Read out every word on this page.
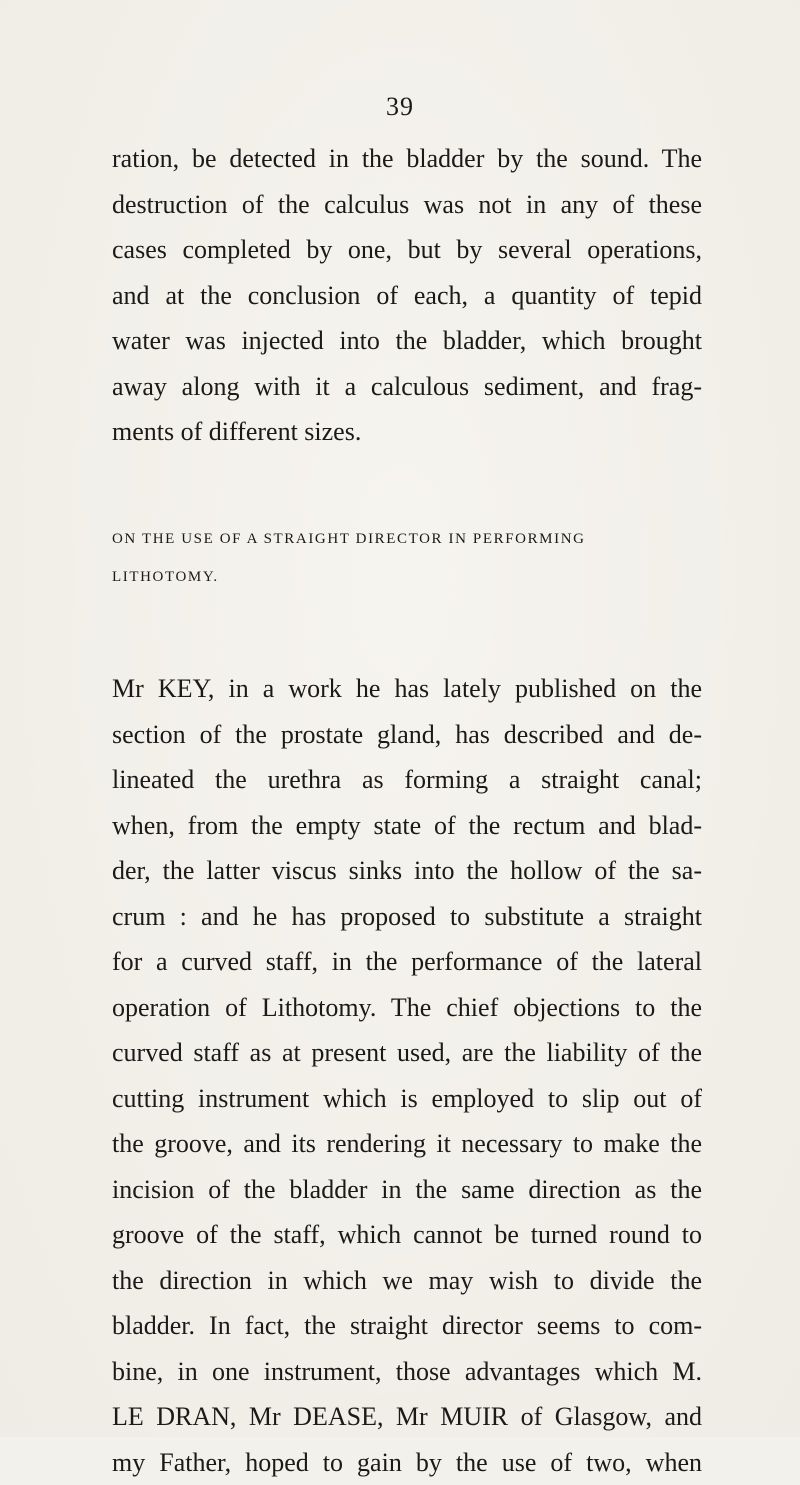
39
ration, be detected in the bladder by the sound. The
destruction of the calculus was not in any of these
cases completed by one, but by several operations,
and at the conclusion of each, a quantity of tepid
water was injected into the bladder, which brought
away along with it a calculous sediment, and frag-
ments of different sizes.
ON THE USE OF A STRAIGHT DIRECTOR IN PERFORMING
LITHOTOMY.
Mr KEY, in a work he has lately published on the
section of the prostate gland, has described and de-
lineated the urethra as forming a straight canal;
when, from the empty state of the rectum and blad-
der, the latter viscus sinks into the hollow of the sa-
crum : and he has proposed to substitute a straight
for a curved staff, in the performance of the lateral
operation of Lithotomy. The chief objections to the
curved staff as at present used, are the liability of the
cutting instrument which is employed to slip out of
the groove, and its rendering it necessary to make the
incision of the bladder in the same direction as the
groove of the staff, which cannot be turned round to
the direction in which we may wish to divide the
bladder. In fact, the straight director seems to com-
bine, in one instrument, those advantages which M.
LE DRAN, Mr DEASE, Mr MUIR of Glasgow, and
my Father, hoped to gain by the use of two, when
